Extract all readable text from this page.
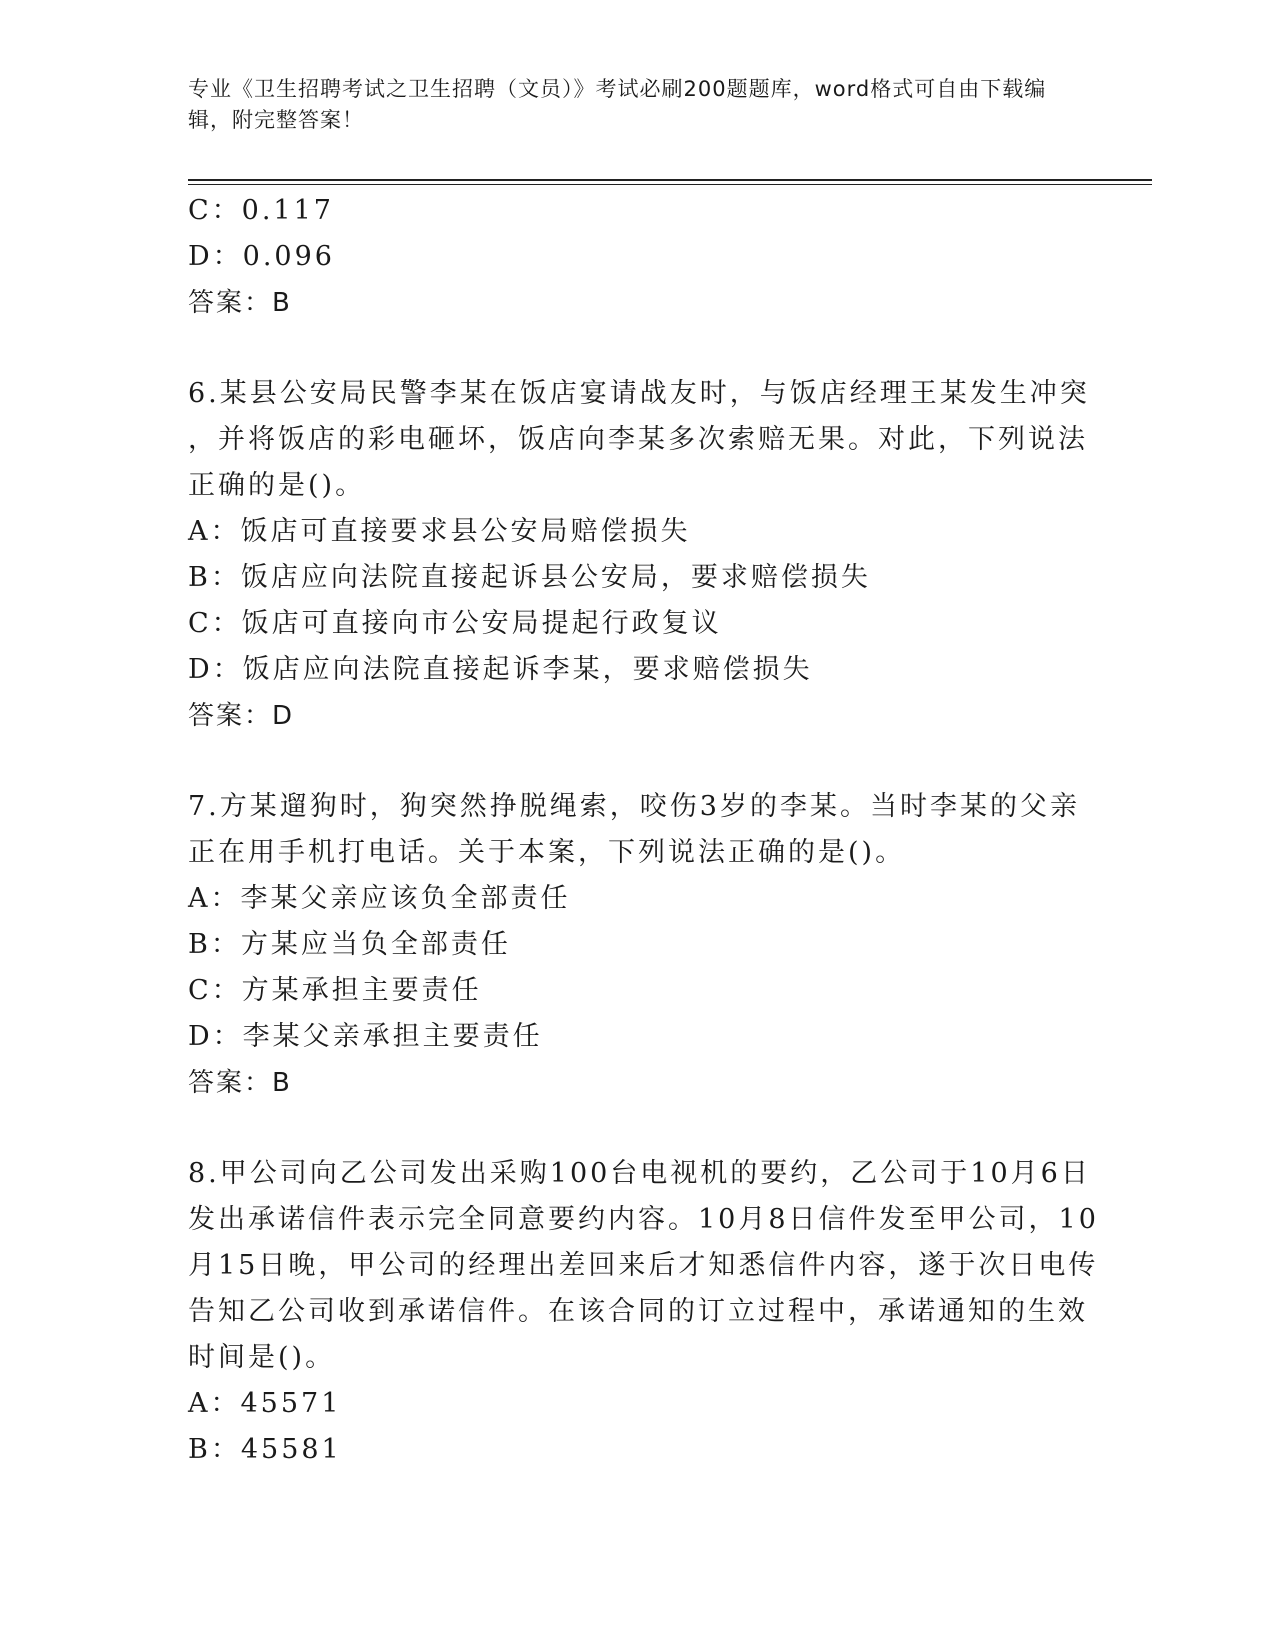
专业《卫生招聘考试之卫生招聘（文员）》考试必刷200题题库，word格式可自由下载编辑，附完整答案！
C：0.117
D：0.096
答案：B
6.某县公安局民警李某在饭店宴请战友时，与饭店经理王某发生冲突
，并将饭店的彩电砸坏，饭店向李某多次索赔无果。对此，下列说法
正确的是()。
A：饭店可直接要求县公安局赔偿损失
B：饭店应向法院直接起诉县公安局，要求赔偿损失
C：饭店可直接向市公安局提起行政复议
D：饭店应向法院直接起诉李某，要求赔偿损失
答案：D
7.方某遛狗时，狗突然挣脱绳索，咬伤3岁的李某。当时李某的父亲
正在用手机打电话。关于本案，下列说法正确的是()。
A：李某父亲应该负全部责任
B：方某应当负全部责任
C：方某承担主要责任
D：李某父亲承担主要责任
答案：B
8.甲公司向乙公司发出采购100台电视机的要约，乙公司于10月6日
发出承诺信件表示完全同意要约内容。10月8日信件发至甲公司，10
月15日晚，甲公司的经理出差回来后才知悉信件内容，遂于次日电传
告知乙公司收到承诺信件。在该合同的订立过程中，承诺通知的生效
时间是()。
A：45571
B：45581
